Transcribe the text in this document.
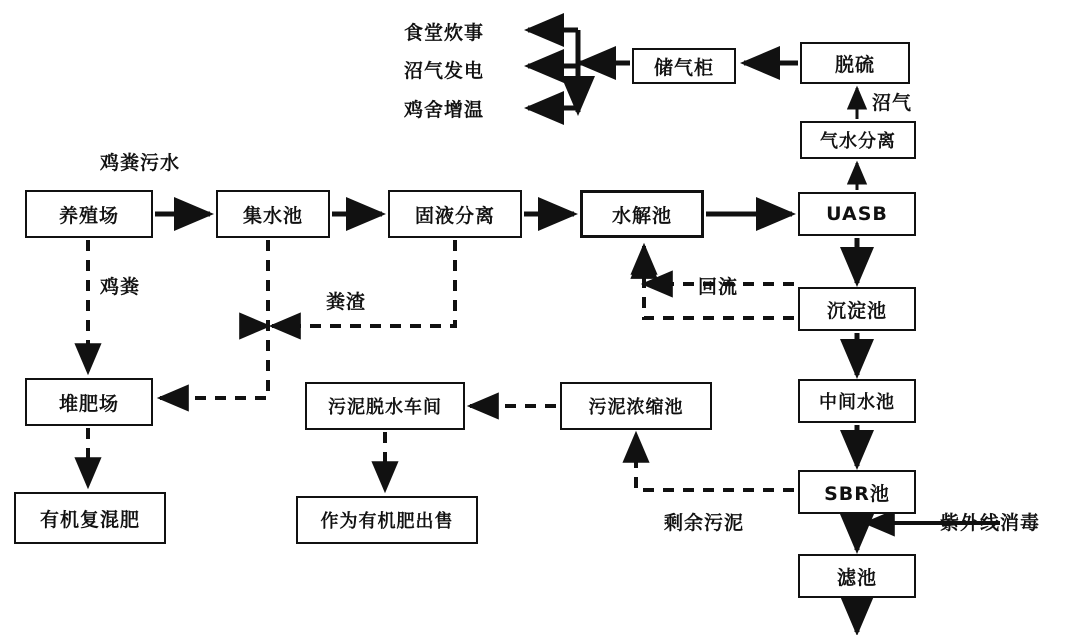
储气柜	脱硫
气水分离
养殖场	集水池	固液分离	水解池	UASB
沉淀池
中间水池
SBR池
滤池
堆肥场
有机复混肥
污泥脱水车间
作为有机肥出售
污泥浓缩池
食堂炊事
沼气发电
鸡舍增温
鸡粪污水
鸡粪
粪渣
回流
沼气
剩余污泥	紫外线消毒
